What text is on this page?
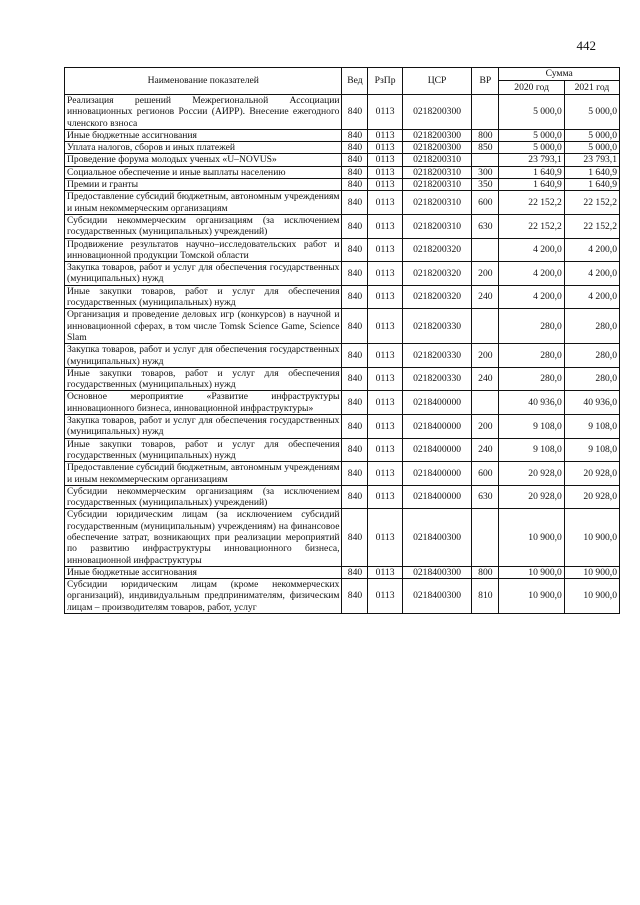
442
Наименование показателей	Вед	РзПр	ЦСР	ВР	Сумма	
					2020 год	2021 год
Реализация решений Межрегиональной Ассоциации инновационных регионов России (АИРР). Внесение ежегодного членского взноса	840	0113	0218200300		5 000,0	5 000,0
Иные бюджетные ассигнования	840	0113	0218200300	800	5 000,0	5 000,0
Уплата налогов, сборов и иных платежей	840	0113	0218200300	850	5 000,0	5 000,0
Проведение форума молодых ученых «U–NOVUS»	840	0113	0218200310		23 793,1	23 793,1
Социальное обеспечение и иные выплаты населению	840	0113	0218200310	300	1 640,9	1 640,9
Премии и гранты	840	0113	0218200310	350	1 640,9	1 640,9
Предоставление субсидий бюджетным, автономным учреждениям и иным некоммерческим организациям	840	0113	0218200310	600	22 152,2	22 152,2
Субсидии некоммерческим организациям (за исключением государственных (муниципальных) учреждений)	840	0113	0218200310	630	22 152,2	22 152,2
Продвижение результатов научно–исследовательских работ и инновационной продукции Томской области	840	0113	0218200320		4 200,0	4 200,0
Закупка товаров, работ и услуг для обеспечения государственных (муниципальных) нужд	840	0113	0218200320	200	4 200,0	4 200,0
Иные закупки товаров, работ и услуг для обеспечения государственных (муниципальных) нужд	840	0113	0218200320	240	4 200,0	4 200,0
Организация и проведение деловых игр (конкурсов) в научной и инновационной сферах, в том числе Tomsk Science Game, Science Slam	840	0113	0218200330		280,0	280,0
Закупка товаров, работ и услуг для обеспечения государственных (муниципальных) нужд	840	0113	0218200330	200	280,0	280,0
Иные закупки товаров, работ и услуг для обеспечения государственных (муниципальных) нужд	840	0113	0218200330	240	280,0	280,0
Основное мероприятие «Развитие инфраструктуры инновационного бизнеса, инновационной инфраструктуры»	840	0113	0218400000		40 936,0	40 936,0
Закупка товаров, работ и услуг для обеспечения государственных (муниципальных) нужд	840	0113	0218400000	200	9 108,0	9 108,0
Иные закупки товаров, работ и услуг для обеспечения государственных (муниципальных) нужд	840	0113	0218400000	240	9 108,0	9 108,0
Предоставление субсидий бюджетным, автономным учреждениям и иным некоммерческим организациям	840	0113	0218400000	600	20 928,0	20 928,0
Субсидии некоммерческим организациям (за исключением государственных (муниципальных) учреждений)	840	0113	0218400000	630	20 928,0	20 928,0
Субсидии юридическим лицам (за исключением субсидий государственным (муниципальным) учреждениям) на финансовое обеспечение затрат, возникающих при реализации мероприятий по развитию инфраструктуры инновационного бизнеса, инновационной инфраструктуры	840	0113	0218400300		10 900,0	10 900,0
Иные бюджетные ассигнования	840	0113	0218400300	800	10 900,0	10 900,0
Субсидии юридическим лицам (кроме некоммерческих организаций), индивидуальным предпринимателям, физическим лицам – производителям товаров, работ, услуг	840	0113	0218400300	810	10 900,0	10 900,0
